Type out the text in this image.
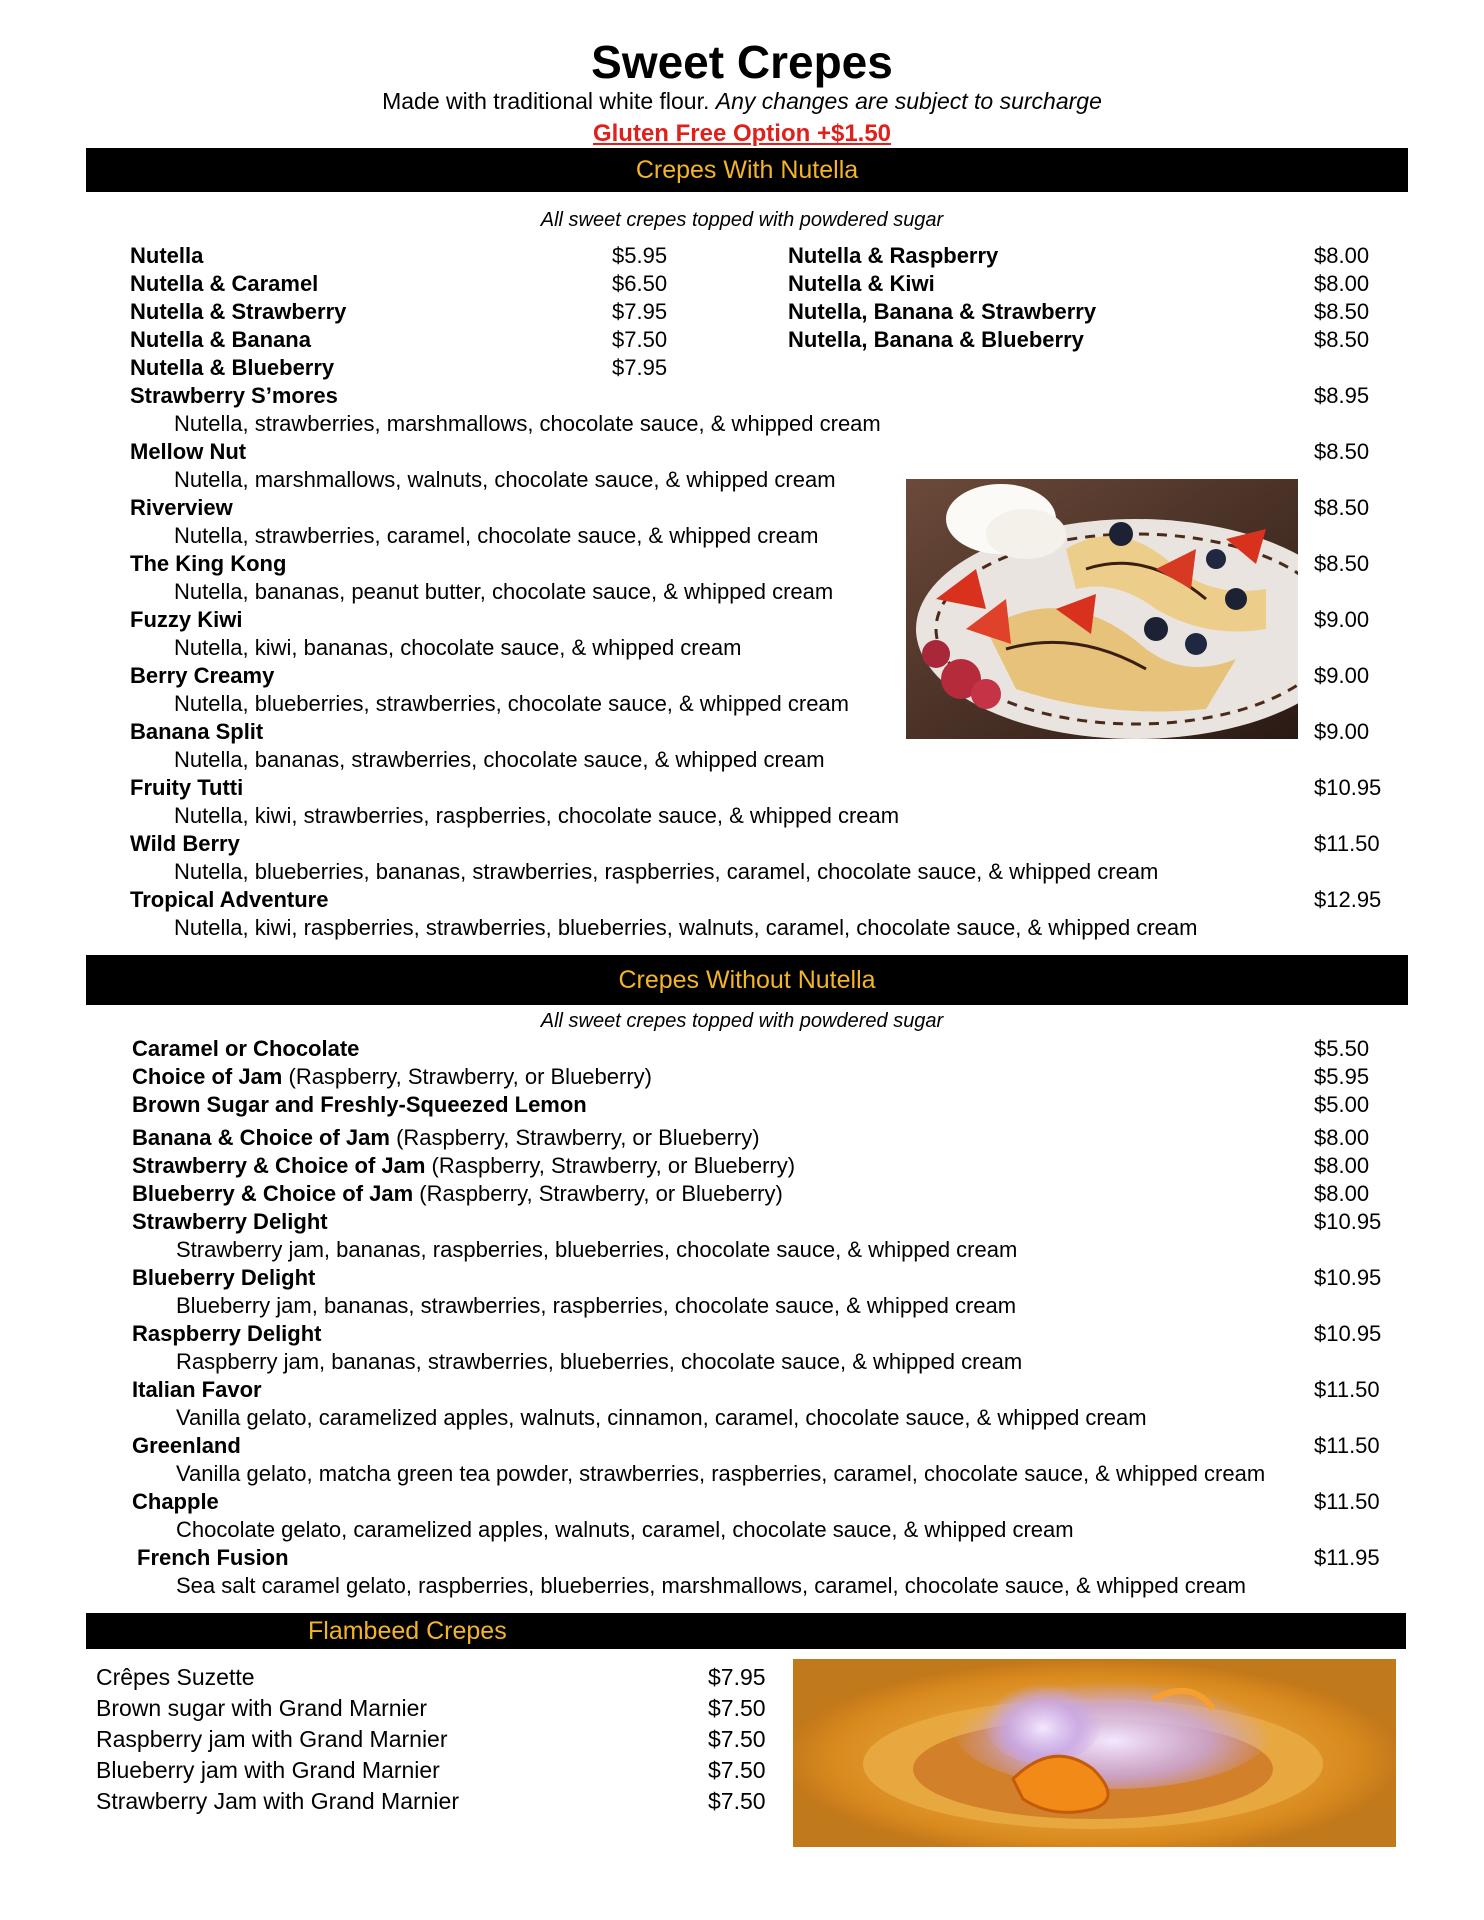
Sweet Crepes
Made with traditional white flour. Any changes are subject to surcharge
Gluten Free Option +$1.50
Crepes With Nutella
All sweet crepes topped with powdered sugar
Nutella	$5.95
Nutella & Caramel	$6.50
Nutella & Strawberry	$7.95
Nutella & Banana	$7.50
Nutella & Blueberry	$7.95
Nutella & Raspberry	$8.00
Nutella & Kiwi	$8.00
Nutella, Banana & Strawberry	$8.50
Nutella, Banana & Blueberry	$8.50
Strawberry S’mores	$8.95
Nutella, strawberries, marshmallows, chocolate sauce, & whipped cream
Mellow Nut	$8.50
Nutella, marshmallows, walnuts, chocolate sauce, & whipped cream
Riverview	$8.50
Nutella, strawberries, caramel, chocolate sauce, & whipped cream
The King Kong	$8.50
Nutella, bananas, peanut butter, chocolate sauce, & whipped cream
Fuzzy Kiwi	$9.00
Nutella, kiwi, bananas, chocolate sauce, & whipped cream
Berry Creamy	$9.00
Nutella, blueberries, strawberries, chocolate sauce, & whipped cream
Banana Split	$9.00
Nutella, bananas, strawberries, chocolate sauce, & whipped cream
Fruity Tutti	$10.95
Nutella, kiwi, strawberries, raspberries, chocolate sauce, & whipped cream
Wild Berry	$11.50
Nutella, blueberries, bananas, strawberries, raspberries, caramel, chocolate sauce, & whipped cream
Tropical Adventure	$12.95
Nutella, kiwi, raspberries, strawberries, blueberries, walnuts, caramel, chocolate sauce, & whipped cream
Crepes Without Nutella
All sweet crepes topped with powdered sugar
Caramel or Chocolate	$5.50
Choice of Jam (Raspberry, Strawberry, or Blueberry)	$5.95
Brown Sugar and Freshly-Squeezed Lemon	$5.00
Banana & Choice of Jam (Raspberry, Strawberry, or Blueberry)	$8.00
Strawberry & Choice of Jam (Raspberry, Strawberry, or Blueberry)	$8.00
Blueberry & Choice of Jam (Raspberry, Strawberry, or Blueberry)	$8.00
Strawberry Delight	$10.95
Strawberry jam, bananas, raspberries, blueberries, chocolate sauce, & whipped cream
Blueberry Delight	$10.95
Blueberry jam, bananas, strawberries, raspberries, chocolate sauce, & whipped cream
Raspberry Delight	$10.95
Raspberry jam, bananas, strawberries, blueberries, chocolate sauce, & whipped cream
Italian Favor	$11.50
Vanilla gelato, caramelized apples, walnuts, cinnamon, caramel, chocolate sauce, & whipped cream
Greenland	$11.50
Vanilla gelato, matcha green tea powder, strawberries, raspberries, caramel, chocolate sauce, & whipped cream
Chapple	$11.50
Chocolate gelato, caramelized apples, walnuts, caramel, chocolate sauce, & whipped cream
French Fusion	$11.95
Sea salt caramel gelato, raspberries, blueberries, marshmallows, caramel, chocolate sauce, & whipped cream
Flambeed Crepes
Crêpes Suzette	$7.95
Brown sugar with Grand Marnier	$7.50
Raspberry jam with Grand Marnier	$7.50
Blueberry jam with Grand Marnier	$7.50
Strawberry Jam with Grand Marnier	$7.50
